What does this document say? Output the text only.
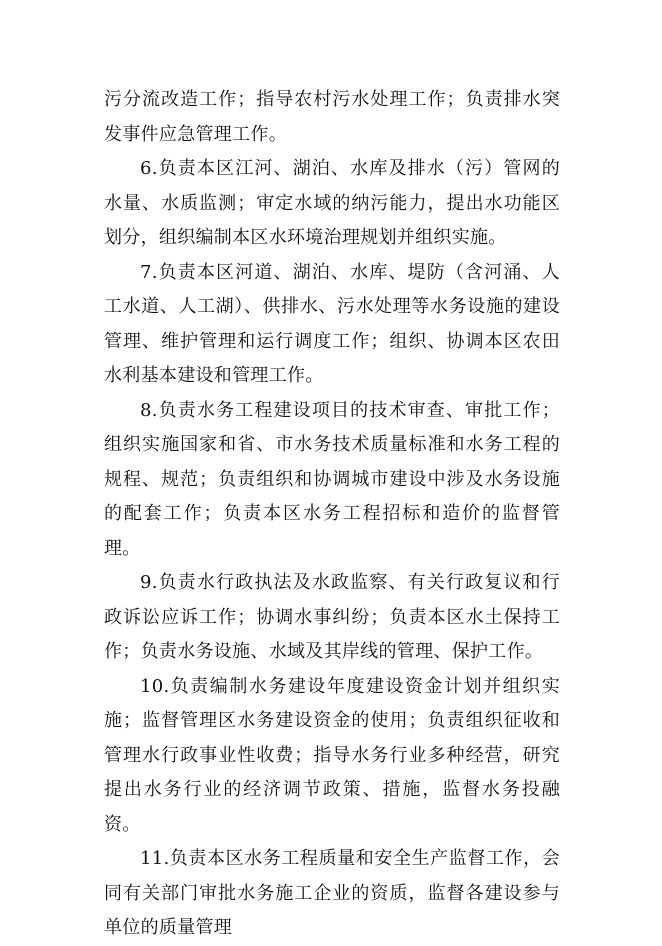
污分流改造工作；指导农村污水处理工作；负责排水突发事件应急管理工作。

6.负责本区江河、湖泊、水库及排水（污）管网的水量、水质监测；审定水域的纳污能力，提出水功能区划分，组织编制本区水环境治理规划并组织实施。

7.负责本区河道、湖泊、水库、堤防（含河涌、人工水道、人工湖）、供排水、污水处理等水务设施的建设管理、维护管理和运行调度工作；组织、协调本区农田水利基本建设和管理工作。

8.负责水务工程建设项目的技术审查、审批工作；组织实施国家和省、市水务技术质量标准和水务工程的规程、规范；负责组织和协调城市建设中涉及水务设施的配套工作；负责本区水务工程招标和造价的监督管理。

9.负责水行政执法及水政监察、有关行政复议和行政诉讼应诉工作；协调水事纠纷；负责本区水土保持工作；负责水务设施、水域及其岸线的管理、保护工作。

10.负责编制水务建设年度建设资金计划并组织实施；监督管理区水务建设资金的使用；负责组织征收和管理水行政事业性收费；指导水务行业多种经营，研究提出水务行业的经济调节政策、措施，监督水务投融资。

11.负责本区水务工程质量和安全生产监督工作，会同有关部门审批水务施工企业的资质，监督各建设参与单位的质量管理
